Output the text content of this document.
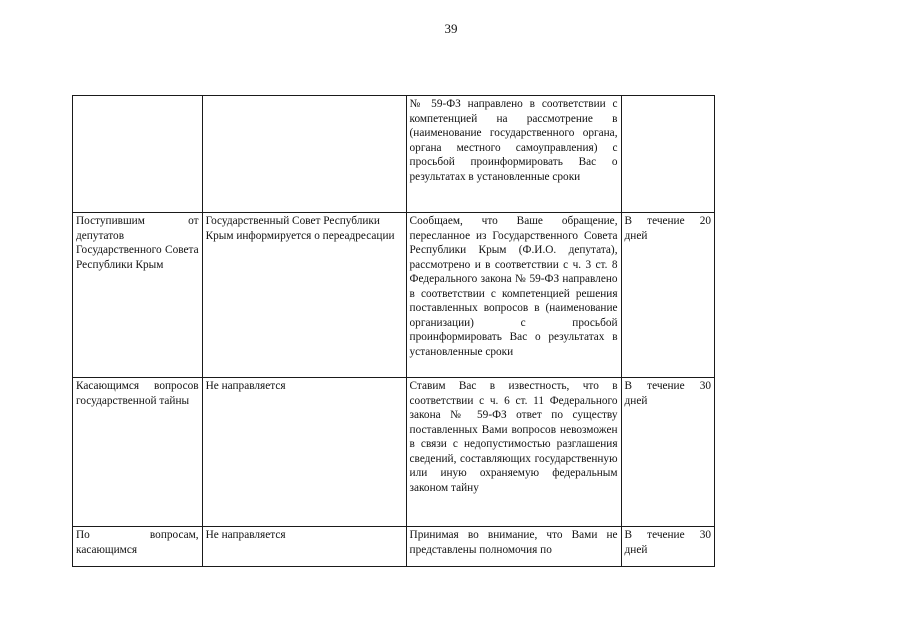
39
		№ 59-ФЗ направлено в соответствии с компетенцией на рассмотрение в (наименование государственного органа, органа местного самоуправления) с просьбой проинформировать Вас о результатах в установленные сроки	
Поступившим от депутатов Государственного Совета Республики Крым	Государственный Совет Республики Крым информируется о переадресации	Сообщаем, что Ваше обращение, пересланное из Государственного Совета Республики Крым (Ф.И.О. депутата), рассмотрено и в соответствии с ч. 3 ст. 8 Федерального закона № 59-ФЗ направлено в соответствии с компетенцией решения поставленных вопросов в (наименование организации) с просьбой проинформировать Вас о результатах в установленные сроки	В течение 20 дней
Касающимся вопросов государственной тайны	Не направляется	Ставим Вас в известность, что в соответствии с ч. 6 ст. 11 Федерального закона № 59-ФЗ ответ по существу поставленных Вами вопросов невозможен в связи с недопустимостью разглашения сведений, составляющих государственную или иную охраняемую федеральным законом тайну	В течение 30 дней
По вопросам, касающимся	Не направляется	Принимая во внимание, что Вами не представлены полномочия по	В течение 30 дней
